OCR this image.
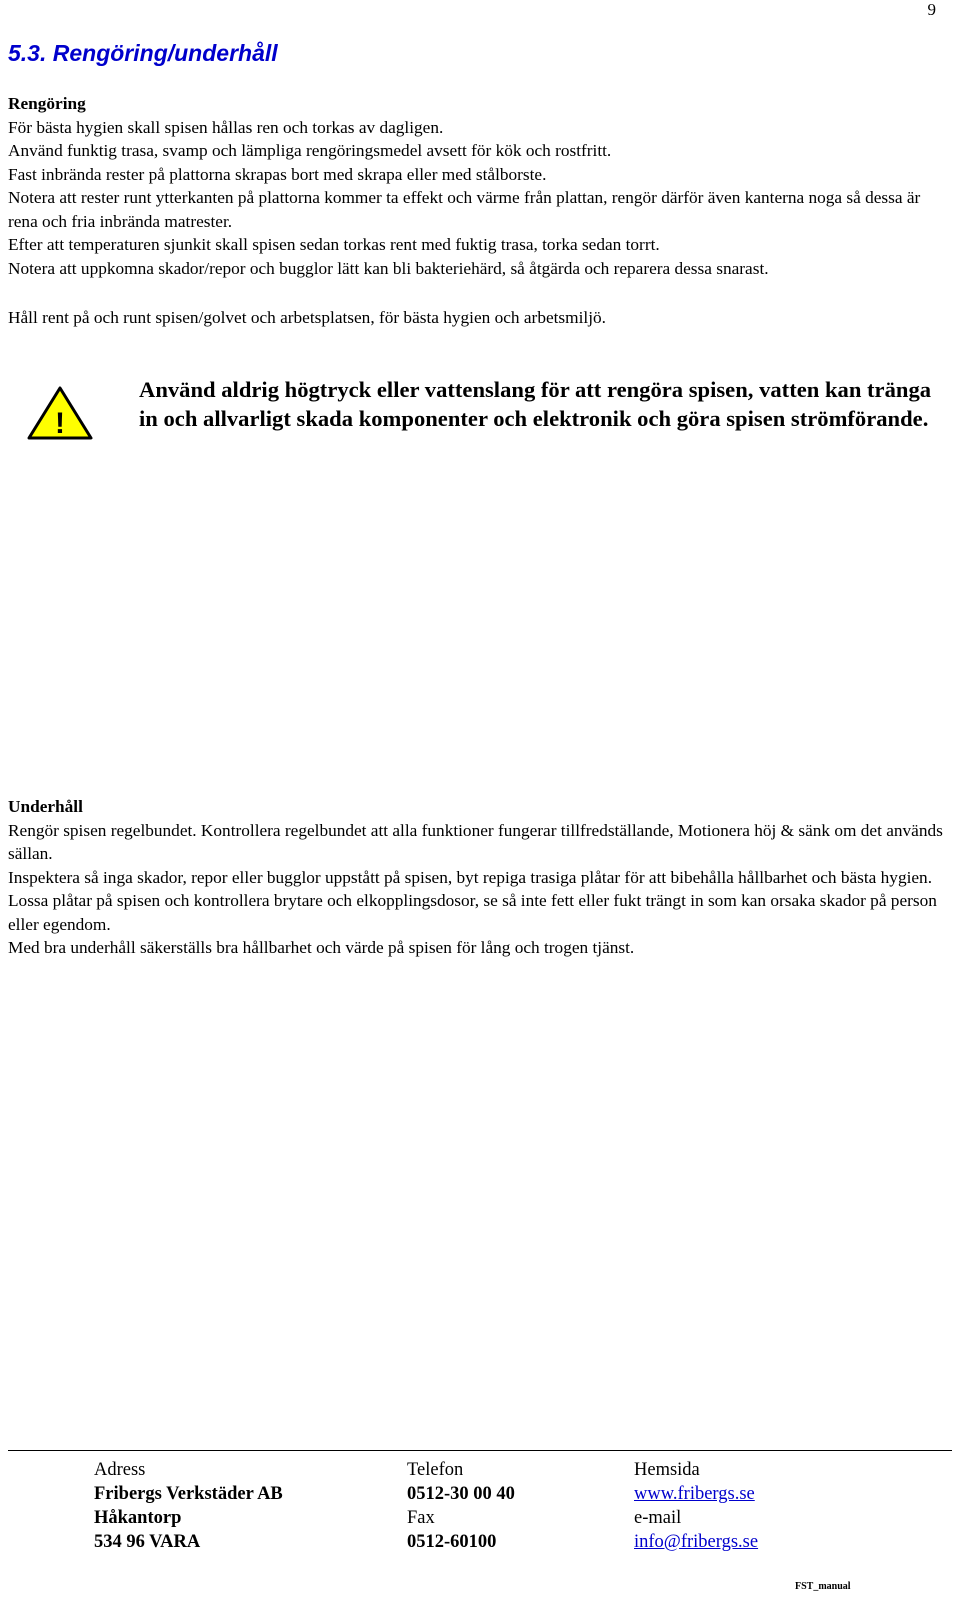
9
5.3. Rengöring/underhåll

Rengöring

För bästa hygien skall spisen hållas ren och torkas av dagligen.

Använd funktig trasa, svamp och lämpliga rengöringsmedel avsett för kök och rostfritt.

Fast inbrända rester på plattorna skrapas bort med skrapa eller med stålborste.

Notera att rester runt ytterkanten på plattorna kommer ta effekt och värme från plattan, rengör därför även kanterna noga så dessa är rena och fria inbrända matrester.

Efter att temperaturen sjunkit skall spisen sedan torkas rent med fuktig trasa, torka sedan torrt.

Notera att uppkomna skador/repor och bugglor lätt kan bli bakteriehärd, så åtgärda och reparera dessa snarast.

Håll rent på och runt spisen/golvet och arbetsplatsen, för bästa hygien och arbetsmiljö.
!
Använd aldrig högtryck eller vattenslang för att rengöra spisen, vatten kan tränga in och allvarligt skada komponenter och elektronik och göra spisen strömförande.

Underhåll

Rengör spisen regelbundet. Kontrollera regelbundet att alla funktioner fungerar tillfredställande, Motionera höj & sänk om det används sällan.

Inspektera så inga skador, repor eller bugglor uppstått på spisen, byt repiga trasiga plåtar för att bibehålla hållbarhet och bästa hygien.

Lossa plåtar på spisen och kontrollera brytare och elkopplingsdosor, se så inte fett eller fukt trängt in som kan orsaka skador på person eller egendom.

Med bra underhåll säkerställs bra hållbarhet och värde på spisen för lång och trogen tjänst.

Adress
Fribergs Verkstäder AB
Håkantorp
534 96 VARA
Telefon
0512-30 00 40
Fax
0512-60100
Hemsida
www.fribergs.se
e-mail
info@fribergs.se
FST_manual
